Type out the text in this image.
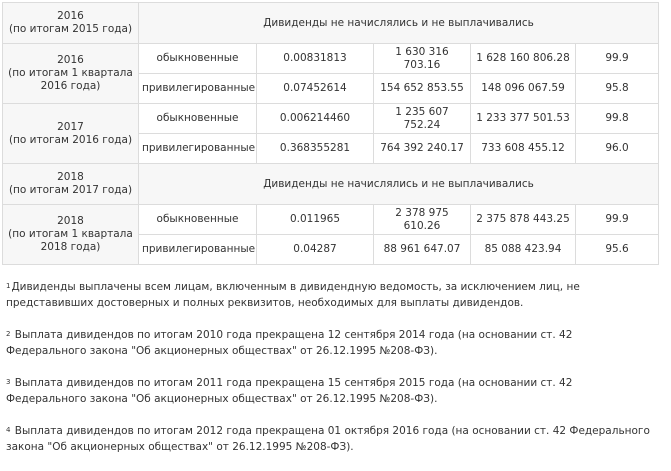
2016
(по итогам 2015 года)	Дивиденды не начислялись и не выплачивались				

2016
(по итогам 1 квартала
2016 года)	обыкновенные	0.00831813	1 630 316 703.16	1 628 160 806.28	99.9
	привилегированные	0.07452614	154 652 853.55	148 096 067.59	95.8

2017
(по итогам 2016 года)	обыкновенные	0.006214460	1 235 607 752.24	1 233 377 501.53	99.8
	привилегированные	0.368355281	764 392 240.17	733 608 455.12	96.0

2018
(по итогам 2017 года)	Дивиденды не начислялись и не выплачивались				

2018
(по итогам 1 квартала
2018 года)	обыкновенные	0.011965	2 378 975 610.26	2 375 878 443.25	99.9
	привилегированные	0.04287	88 961 647.07	85 088 423.94	95.6

$^1$Дивиденды выплачены всем лицам, включенным в дивидендную ведомость, за исключением лиц, не представивших достоверных и полных реквизитов, необходимых для выплаты дивидендов.

$^2$ Выплата дивидендов по итогам 2010 года прекращена 12 сентября 2014 года (на основании ст. 42 Федерального закона "Об акционерных обществах" от 26.12.1995 №208-ФЗ).

$^3$ Выплата дивидендов по итогам 2011 года прекращена 15 сентября 2015 года (на основании ст. 42 Федерального закона "Об акционерных обществах" от 26.12.1995 №208-ФЗ).

$^4$ Выплата дивидендов по итогам 2012 года прекращена 01 октября 2016 года (на основании ст. 42 Федерального закона "Об акционерных обществах" от 26.12.1995 №208-ФЗ).
